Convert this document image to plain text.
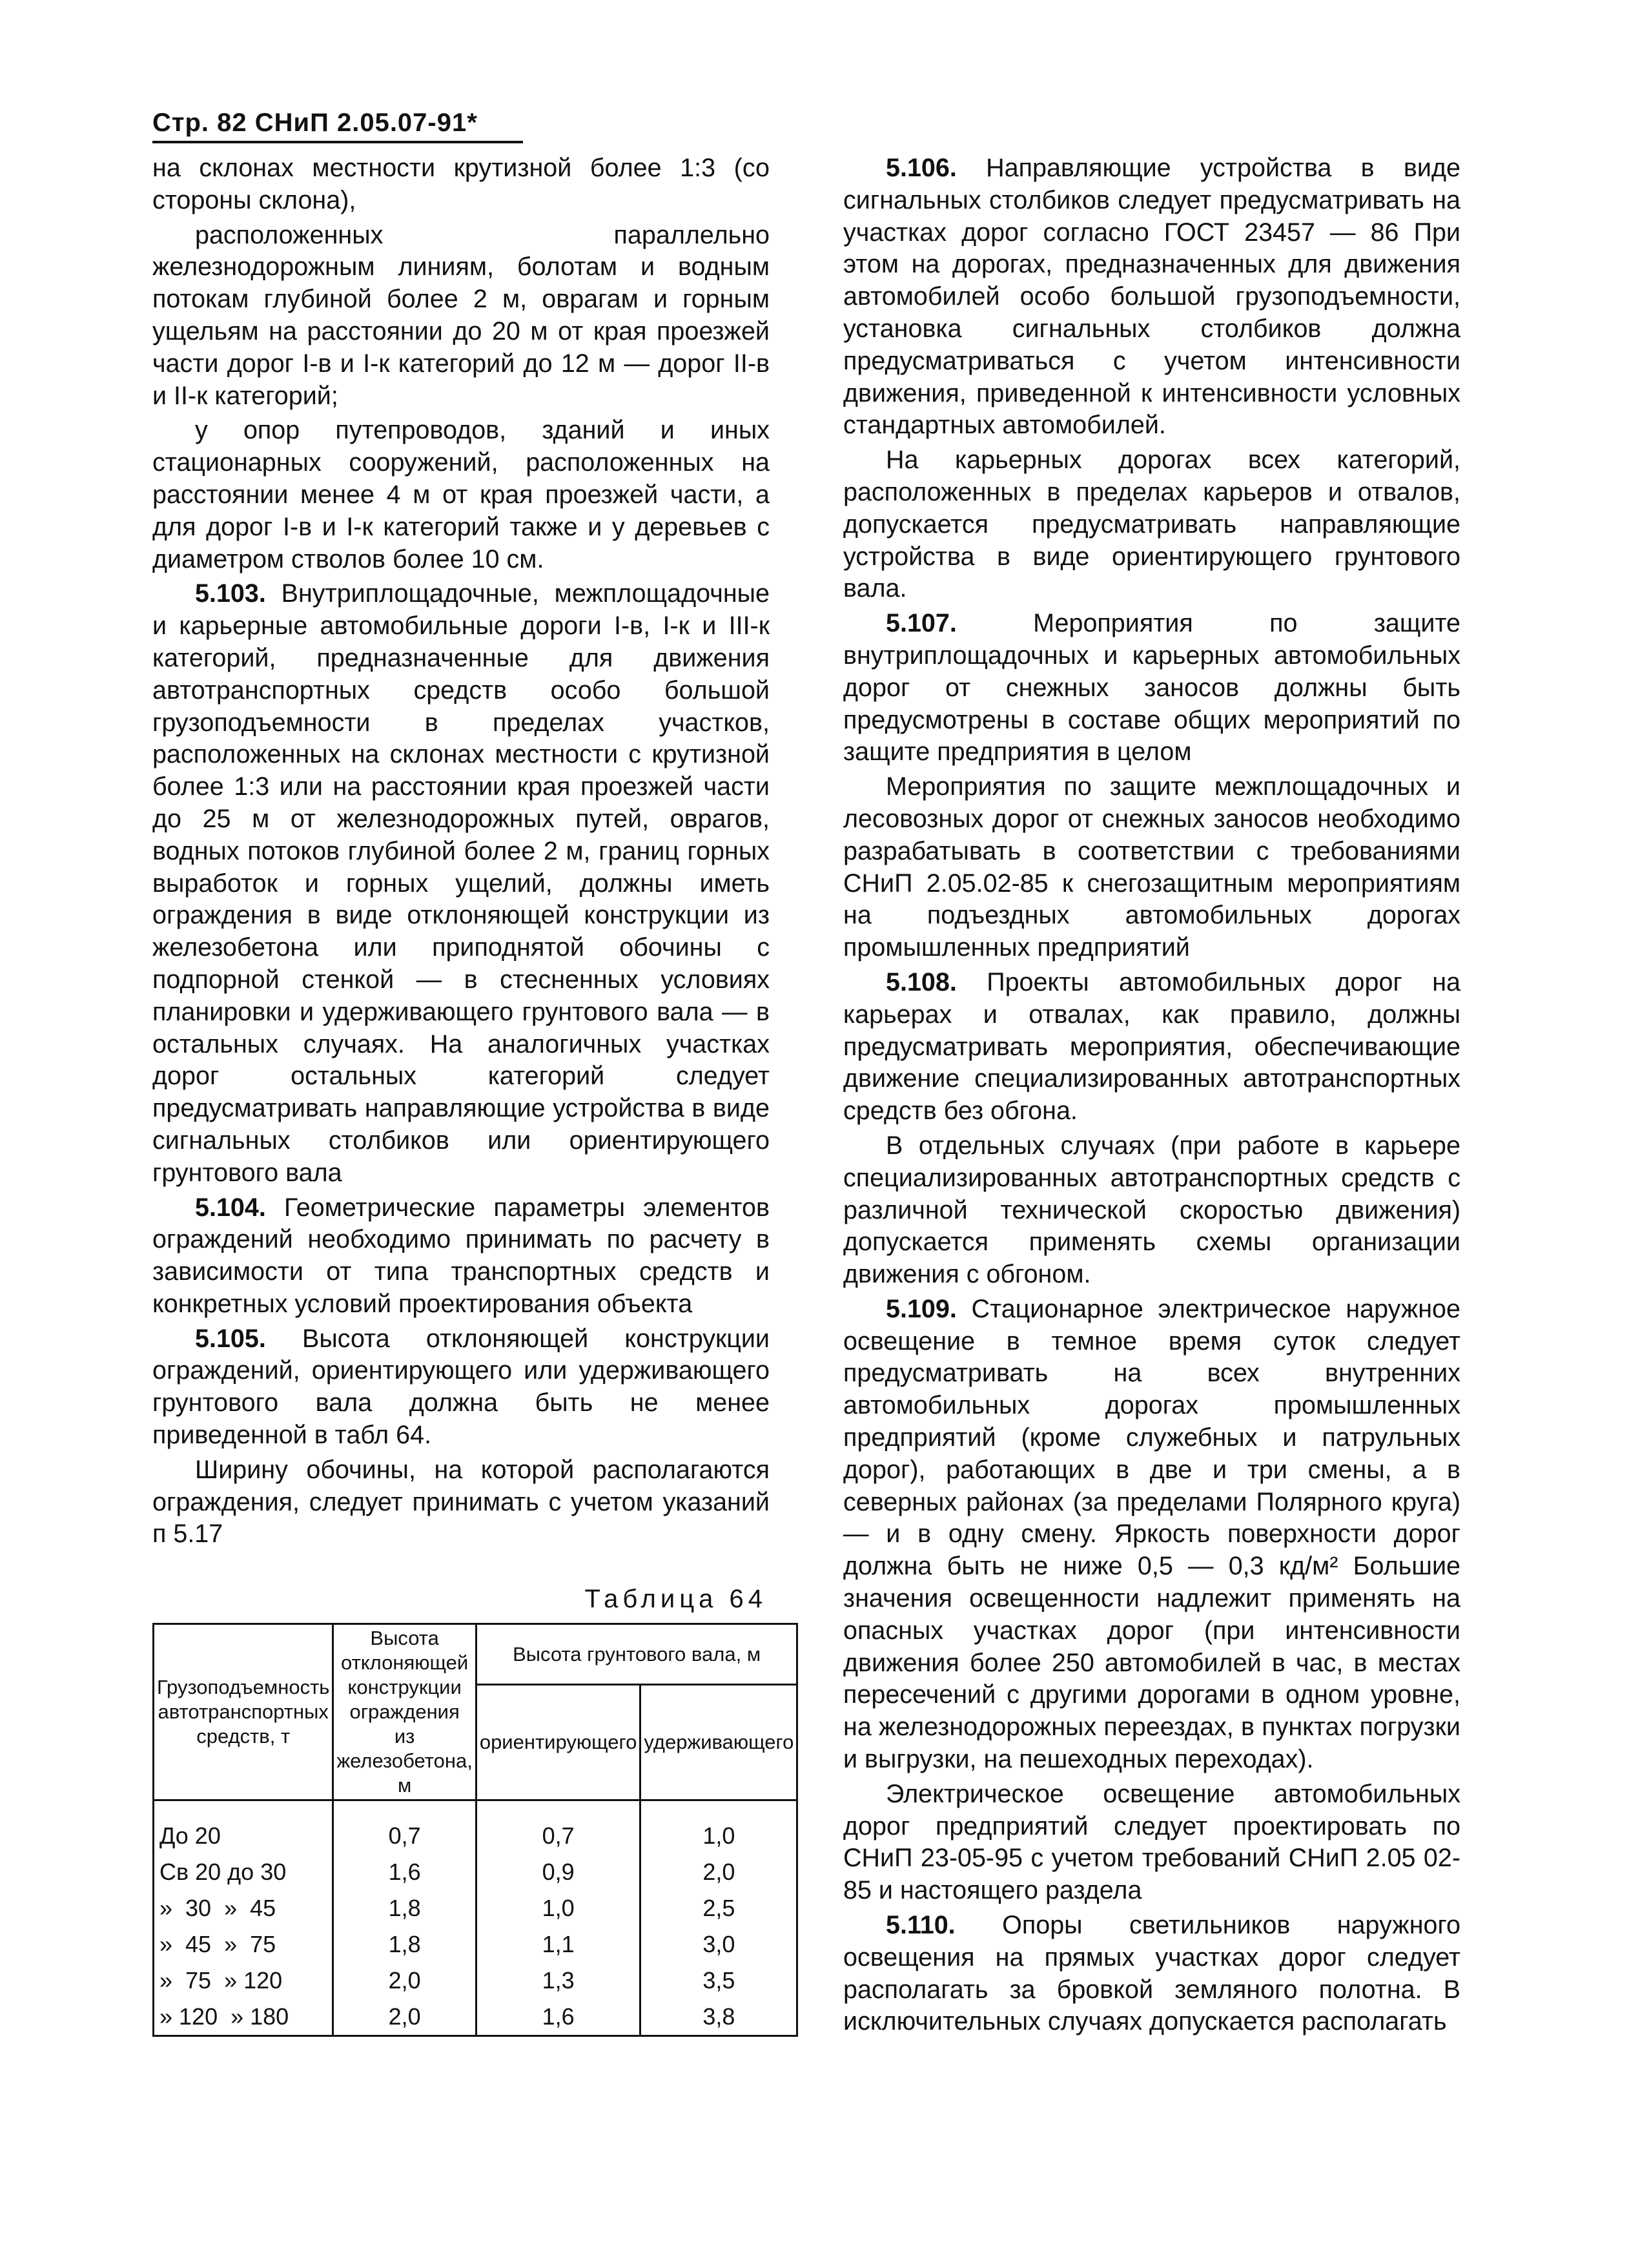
Стр. 82 СНиП 2.05.07-91*

на склонах местности крутизной более 1:3 (со стороны склона),

расположенных параллельно железнодорожным линиям, болотам и водным потокам глубиной более 2 м, оврагам и горным ущельям на расстоянии до 20 м от края проезжей части дорог I-в и I-к категорий до 12 м — дорог II-в и II-к категорий;

у опор путепроводов, зданий и иных стационарных сооружений, расположенных на расстоянии менее 4 м от края проезжей части, а для дорог I-в и I-к категорий также и у деревьев с диаметром стволов более 10 см.

5.103. Внутриплощадочные, межплощадочные и карьерные автомобильные дороги I-в, I-к и III-к категорий, предназначенные для движения автотранспортных средств особо большой грузоподъемности в пределах участков, расположенных на склонах местности с крутизной более 1:3 или на расстоянии края проезжей части до 25 м от железнодорожных путей, оврагов, водных потоков глубиной более 2 м, границ горных выработок и горных ущелий, должны иметь ограждения в виде отклоняющей конструкции из железобетона или приподнятой обочины с подпорной стенкой — в стесненных условиях планировки и удерживающего грунтового вала — в остальных случаях. На аналогичных участках дорог остальных категорий следует предусматривать направляющие устройства в виде сигнальных столбиков или ориентирующего грунтового вала

5.104. Геометрические параметры элементов ограждений необходимо принимать по расчету в зависимости от типа транспортных средств и конкретных условий проектирования объекта

5.105. Высота отклоняющей конструкции ограждений, ориентирующего или удерживающего грунтового вала должна быть не менее приведенной в табл 64.

Ширину обочины, на которой располагаются ограждения, следует принимать с учетом указаний п 5.17

5.106. Направляющие устройства в виде сигнальных столбиков следует предусматривать на участках дорог согласно ГОСТ 23457 — 86 При этом на дорогах, предназначенных для движения автомобилей особо большой грузоподъемности, установка сигнальных столбиков должна предусматриваться с учетом интенсивности движения, приведенной к интенсивности условных стандартных автомобилей.

На карьерных дорогах всех категорий, расположенных в пределах карьеров и отвалов, допускается предусматривать направляющие устройства в виде ориентирующего грунтового вала.

5.107.	Мероприятия по защите внутриплощадочных и карьерных автомобильных дорог от снежных заносов должны быть предусмотрены в составе общих мероприятий по защите предприятия в целом

Мероприятия по защите межплощадочных и лесовозных дорог от снежных заносов необходимо разрабатывать в соответствии с требованиями СНиП 2.05.02-85 к снегозащитным мероприятиям на подъездных автомобильных дорогах промышленных предприятий

5.108. Проекты автомобильных дорог на карьерах и отвалах, как правило, должны предусматривать мероприятия, обеспечивающие движение специализированных автотранспортных средств без обгона.

В отдельных случаях (при работе в карьере специализированных автотранспортных средств с различной технической скоростью движения) допускается применять схемы организации движения с обгоном.

5.109. Стационарное электрическое наружное освещение в темное время суток следует предусматривать на всех внутренних автомобильных дорогах промышленных предприятий (кроме служебных и патрульных дорог), работающих в две и три смены, а в северных районах (за пределами Полярного круга) — и в одну смену. Яркость поверхности дорог должна быть не ниже 0,5 — 0,3 кд/м² Большие значения освещенности надлежит применять на опасных участках дорог (при интенсивности движения более 250 автомобилей в час, в местах пересечений с другими дорогами в одном уровне, на железнодорожных переездах, в пунктах погрузки и выгрузки, на пешеходных переходах).

Электрическое освещение автомобильных дорог предприятий следует проектировать по СНиП 23-05-95 с учетом требований СНиП 2.05 02-85 и настоящего раздела

5.110. Опоры светильников наружного освещения на прямых участках дорог следует располагать за бровкой земляного полотна. В исключительных случаях допускается располагать

Таблица 64
Грузоподъемность автотранспортных средств, т	Высота отклоняющей конструкции ограждения из железобетона, м	Высота грунтового вала, м	
		ориентирующего	удерживающего
До 20	0,7	0,7	1,0
Св 20 до 30	1,6	0,9	2,0
»  30  »  45	1,8	1,0	2,5
»  45  »  75	1,8	1,1	3,0
»  75  » 120	2,0	1,3	3,5
» 120  » 180	2,0	1,6	3,8
